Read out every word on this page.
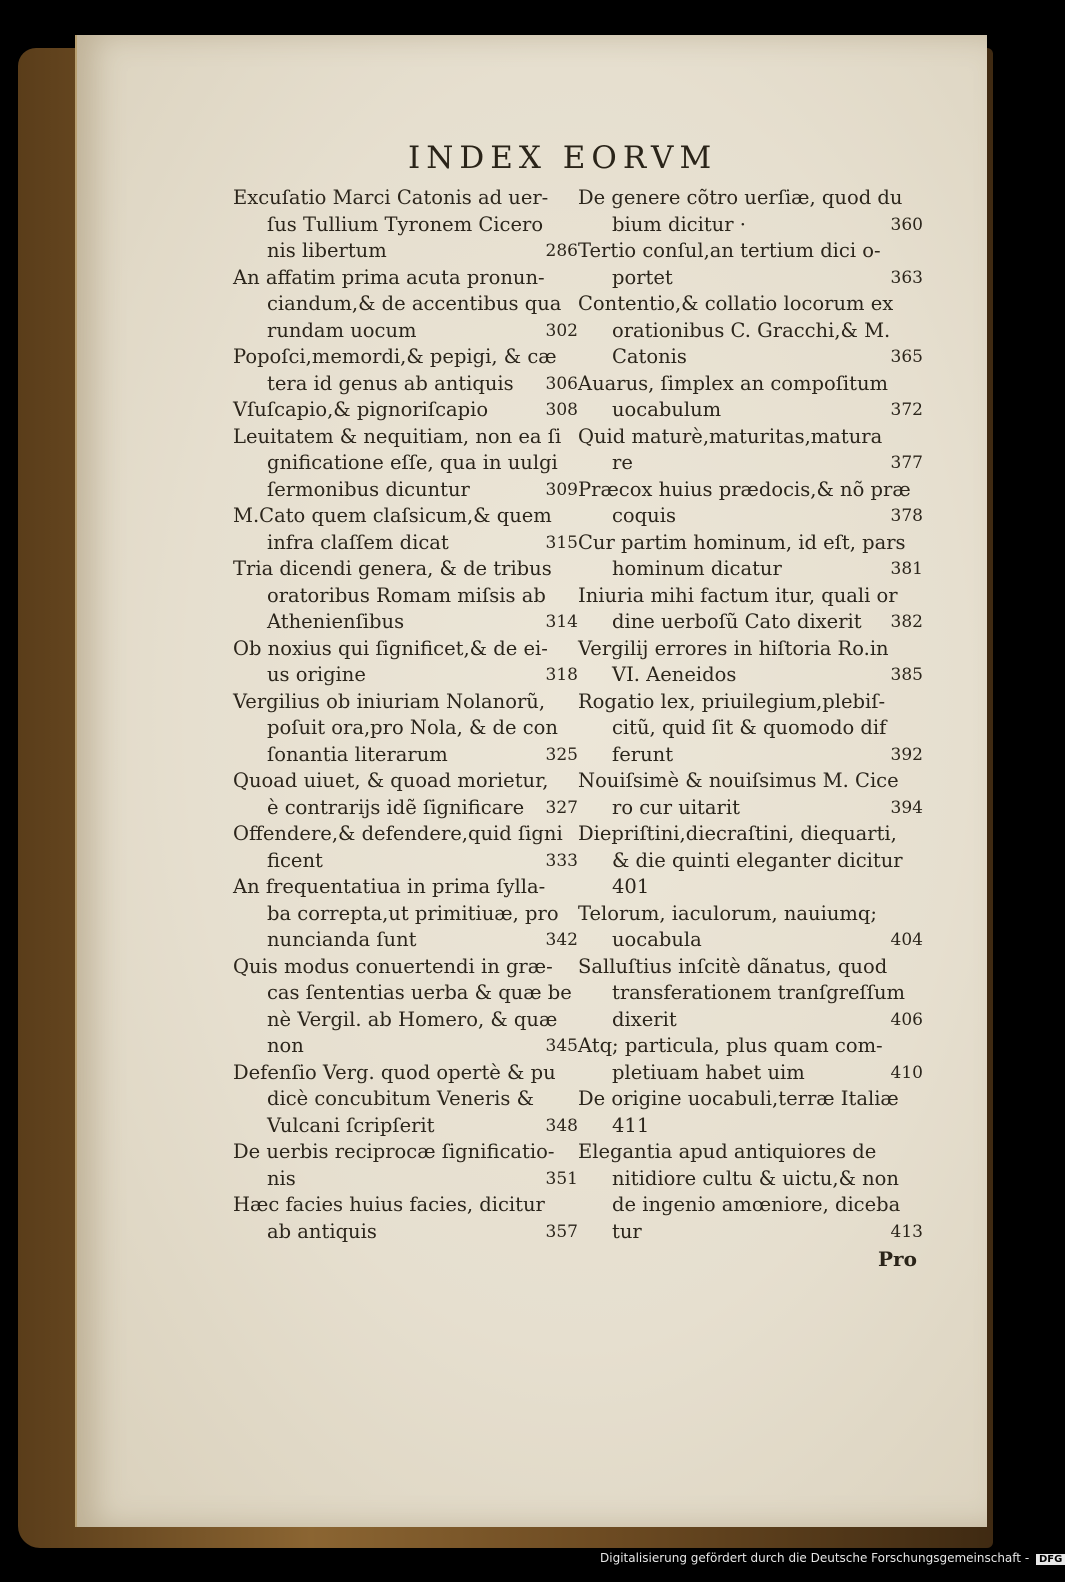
INDEX EORVM
Excuſatio Marci Catonis ad uer-
ſus Tullium Tyronem Cicero
nis libertum	286
An affatim prima acuta pronun-
ciandum,& de accentibus qua
rundam uocum	302
Popoſci,memordi,& pepigi, & cæ
tera id genus ab antiquis 306
Vſuſcapio,& pignoriſcapio	308
Leuitatem & nequitiam, non ea ſi
gnificatione eſſe, qua in uulgi
ſermonibus dicuntur	309
M.Cato quem claſsicum,& quem
infra claſſem dicat	315
Tria dicendi genera, & de tribus
oratoribus Romam miſsis ab
Athenienſibus	314
Ob noxius qui ſignificet,& de ei-
us origine	318
Vergilius ob iniuriam Nolanorũ,
poſuit ora,pro Nola, & de con
ſonantia literarum	325
Quoad uiuet, & quoad morietur,
è contrarijs idẽ ſignificare 327
Offendere,& defendere,quid ſigni
ficent	333
An frequentatiua in prima ſylla-
ba correpta,ut primitiuæ, pro
nuncianda ſunt	342
Quis modus conuertendi in græ-
cas ſententias uerba & quæ be
nè Vergil. ab Homero, & quæ
non	345
Defenſio Verg. quod opertè & pu
dicè concubitum Veneris &
Vulcani ſcripſerit	348
De uerbis reciprocæ ſignificatio-
nis	351
Hæc facies huius facies, dicitur
ab antiquis	357
De genere cõtro uerſiæ, quod du
bium dicitur ·	360
Tertio conſul,an tertium dici o-
portet	363
Contentio,& collatio locorum ex
orationibus C. Gracchi,& M.
Catonis	365
Auarus, ſimplex an compoſitum
uocabulum	372
Quid maturè,maturitas,matura
re	377
Præcox huius prædocis,& nõ præ
coquis	378
Cur partim hominum, id eſt, pars
hominum dicatur	381
Iniuria mihi factum itur, quali or
dine uerboſũ Cato dixerit 382
Vergilij errores in hiſtoria Ro.in
VI. Aeneidos	385
Rogatio lex, priuilegium,plebiſ-
citũ, quid ſit & quomodo dif
ferunt	392
Nouiſsimè & nouiſsimus M. Cice
ro cur uitarit	394
Diepriſtini,diecraſtini, diequarti,
& die quinti eleganter dicitur
401
Telorum, iaculorum, nauiumq;
uocabula	404
Salluſtius inſcitè dãnatus, quod
transferationem tranſgreſſum
dixerit	406
Atq; particula, plus quam com-
pletiuam habet uim	410
De origine uocabuli,terræ Italiæ
411
Elegantia apud antiquiores de
nitidiore cultu & uictu,& non
de ingenio amœniore, diceba
tur	413
Pro
Digitalisierung gefördert durch die Deutsche Forschungsgemeinschaft - DFG
